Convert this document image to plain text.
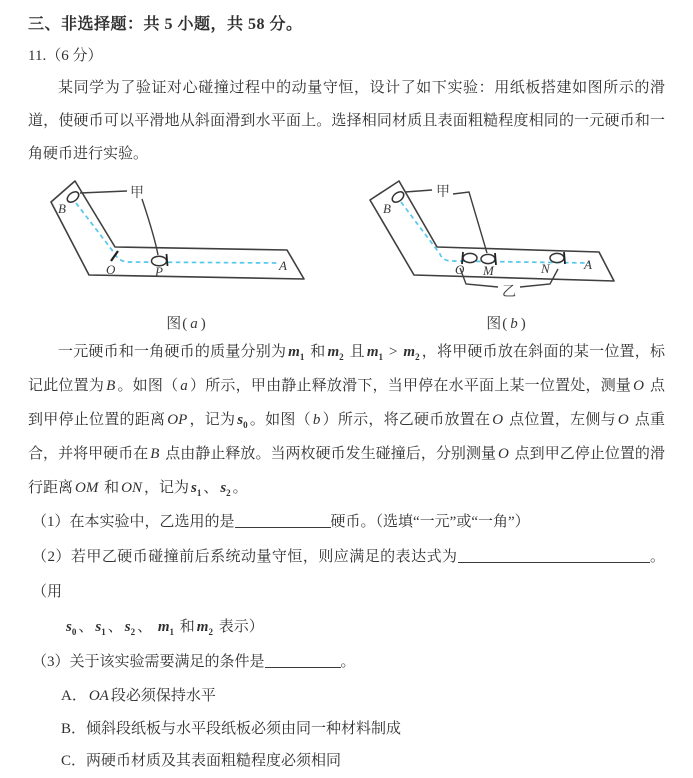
三、非选择题：共 5 小题，共 58 分。
11.（6 分）
某同学为了验证对心碰撞过程中的动量守恒，设计了如下实验：用纸板搭建如图所示的滑道，使硬币可以平滑地从斜面滑到水平面上。选择相同材质且表面粗糙程度相同的一元硬币和一角硬币进行实验。
甲
B
O	P	A
图( a )
甲
乙
B
O M	N	A
图( b )
一元硬币和一角硬币的质量分别为 $m_1$ 和 $m_2$ 且 $m_1 > m_2$ ，将甲硬币放在斜面的某一位置，标记此位置为 B 。如图（ a ）所示，甲由静止释放滑下，当甲停在水平面上某一位置处，测量 O 点到甲停止位置的距离 OP ，记为 $s_0$ 。如图（ b ）所示，将乙硬币放置在 O 点位置，左侧与 O 点重合，并将甲硬币在 B 点由静止释放。当两枚硬币发生碰撞后，分别测量 O 点到甲乙停止位置的滑行距离 OM 和 ON ，记为 $s_1$ 、 $s_2$ 。
（1）在本实验中，乙选用的是	硬币。（选填“一元”或“一角”）
（2）若甲乙硬币碰撞前后系统动量守恒，则应满足的表达式为	。（用
$s_0$ 、 $s_1$ 、 $s_2$ 、 $m_1$ 和 $m_2$ 表示）
（3）关于该实验需要满足的条件是	。
A． OA 段必须保持水平
B．倾斜段纸板与水平段纸板必须由同一种材料制成
C．两硬币材质及其表面粗糙程度必须相同
